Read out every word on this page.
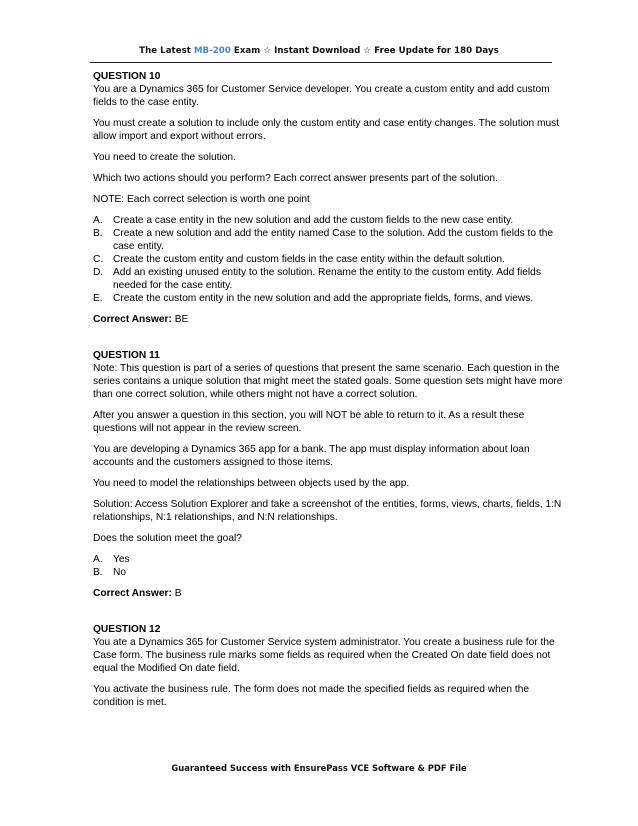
The Latest MB-200 Exam ☆ Instant Download ☆ Free Update for 180 Days
QUESTION 10

You are a Dynamics 365 for Customer Service developer. You create a custom entity and add custom fields to the case entity.

You must create a solution to include only the custom entity and case entity changes. The solution must allow import and export without errors.

You need to create the solution.

Which two actions should you perform? Each correct answer presents part of the solution.

NOTE: Each correct selection is worth one point

A.	Create a case entity in the new solution and add the custom fields to the new case entity.
B.	Create a new solution and add the entity named Case to the solution. Add the custom fields to the case entity.
C. Create the custom entity and custom fields in the case entity within the default solution.
D. Add an existing unused entity to the solution. Rename the entity to the custom entity. Add fields needed for the case entity.
E.	Create the custom entity in the new solution and add the appropriate fields, forms, and views.

Correct Answer: BE

QUESTION 11

Note: This question is part of a series of questions that present the same scenario. Each question in the series contains a unique solution that might meet the stated goals. Some question sets might have more than one correct solution, while others might not have a correct solution.

After you answer a question in this section, you will NOT be able to return to it. As a result these questions will not appear in the review screen.

You are developing a Dynamics 365 app for a bank. The app must display information about loan accounts and the customers assigned to those items.

You need to model the relationships between objects used by the app.

Solution: Access Solution Explorer and take a screenshot of the entities, forms, views, charts, fields, 1:N relationships, N:1 relationships, and N:N relationships.

Does the solution meet the goal?

A.	Yes
B.	No

Correct Answer: B

QUESTION 12

You ate a Dynamics 365 for Customer Service system administrator. You create a business rule for the Case form. The business rule marks some fields as required when the Created On date field does not equal the Modified On date field.

You activate the business rule. The form does not made the specified fields as required when the condition is met.

Guaranteed Success with EnsurePass VCE Software & PDF File
